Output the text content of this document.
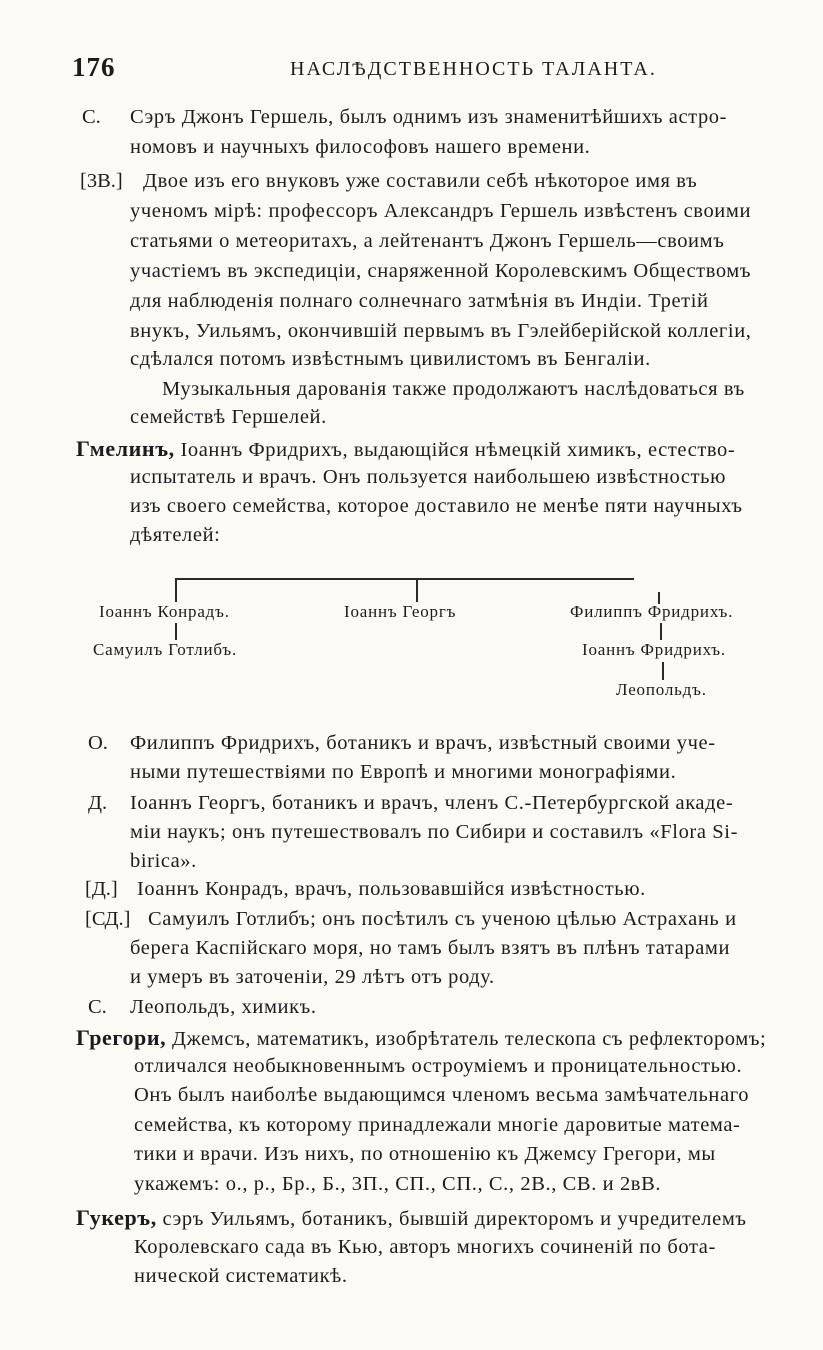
176	НАСЛѢДСТВЕННОСТЬ ТАЛАНТА.
С. Сэръ Джонъ Гершель, былъ однимъ изъ знаменитѣйшихъ астро-
номовъ и научныхъ философовъ нашего времени.
[3В.] Двое изъ его внуковъ уже составили себѣ нѣкоторое имя въ
ученомъ мірѣ: профессоръ Александръ Гершель извѣстенъ своими
статьями о метеоритахъ, а лейтенантъ Джонъ Гершель—своимъ
участіемъ въ экспедиціи, снаряженной Королевскимъ Обществомъ
для наблюденія полнаго солнечнаго затмѣнія въ Индіи. Третій
внукъ, Уильямъ, окончившій первымъ въ Гэлейберійской коллегіи,
сдѣлался потомъ извѣстнымъ цивилистомъ въ Бенгаліи.
Музыкальныя дарованія также продолжаютъ наслѣдоваться въ
семействѣ Гершелей.
Гмелинъ, Іоаннъ Фридрихъ, выдающійся нѣмецкій химикъ, естество-
испытатель и врачъ. Онъ пользуется наибольшею извѣстностью
изъ своего семейства, которое доставило не менѣе пяти научныхъ
дѣятелей:
Іоаннъ Конрадъ.	Іоаннъ Георгъ	Филиппъ Фридрихъ.
Самуилъ Готлибъ.	Іоаннъ Фридрихъ.
Леопольдъ.
О. Филиппъ Фридрихъ, ботаникъ и врачъ, извѣстный своими уче-
ными путешествіями по Европѣ и многими монографіями.
Д. Іоаннъ Георгъ, ботаникъ и врачъ, членъ С.-Петербургской акаде-
міи наукъ; онъ путешествовалъ по Сибири и составилъ «Flora Si-
birica».
[Д.] Іоаннъ Конрадъ, врачъ, пользовавшійся извѣстностью.
[СД.] Самуилъ Готлибъ; онъ посѣтилъ съ ученою цѣлью Астрахань и
берега Каспійскаго моря, но тамъ былъ взятъ въ плѣнъ татарами
и умеръ въ заточеніи, 29 лѣтъ отъ роду.
С. Леопольдъ, химикъ.
Грегори, Джемсъ, математикъ, изобрѣтатель телескопа съ рефлекторомъ;
отличался необыкновеннымъ остроуміемъ и проницательностью.
Онъ былъ наиболѣе выдающимся членомъ весьма замѣчательнаго
семейства, къ которому принадлежали многіе даровитые матема-
тики и врачи. Изъ нихъ, по отношенію къ Джемсу Грегори, мы
укажемъ: о., р., Бр., Б., 3П., СП., СП., С., 2В., СВ. и 2вВ.
Гукеръ, сэръ Уильямъ, ботаникъ, бывшій директоромъ и учредителемъ
Королевскаго сада въ Кью, авторъ многихъ сочиненій по бота-
нической систематикѣ.
